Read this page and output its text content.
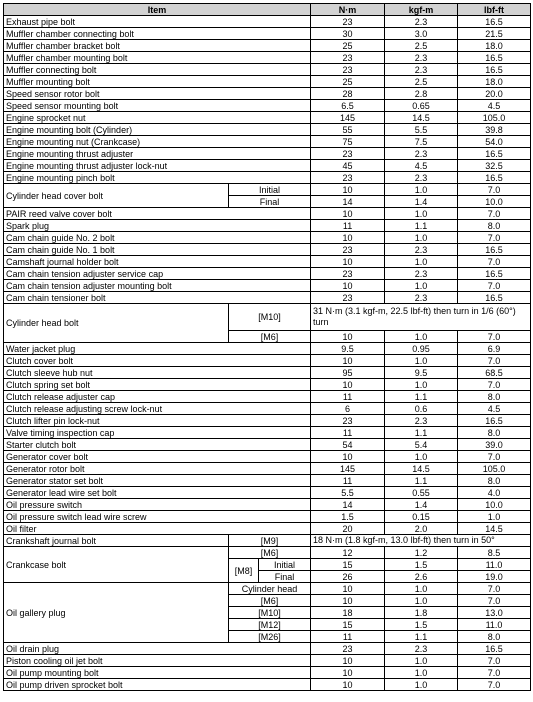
Item			N·m	kgf-m	lbf-ft
Exhaust pipe bolt			23	2.3	16.5
Muffler chamber connecting bolt			30	3.0	21.5
Muffler chamber bracket bolt			25	2.5	18.0
Muffler chamber mounting bolt			23	2.3	16.5
Muffler connecting bolt			23	2.3	16.5
Muffler mounting bolt			25	2.5	18.0
Speed sensor rotor bolt			28	2.8	20.0
Speed sensor mounting bolt			6.5	0.65	4.5
Engine sprocket nut			145	14.5	105.0
Engine mounting bolt (Cylinder)			55	5.5	39.8
Engine mounting nut (Crankcase)			75	7.5	54.0
Engine mounting thrust adjuster			23	2.3	16.5
Engine mounting thrust adjuster lock-nut			45	4.5	32.5
Engine mounting pinch bolt			23	2.3	16.5
Cylinder head cover bolt	Initial		10	1.0	7.0
	Final		14	1.4	10.0
PAIR reed valve cover bolt			10	1.0	7.0
Spark plug			11	1.1	8.0
Cam chain guide No. 2 bolt			10	1.0	7.0
Cam chain guide No. 1 bolt			23	2.3	16.5
Camshaft journal holder bolt			10	1.0	7.0
Cam chain tension adjuster service cap			23	2.3	16.5
Cam chain tension adjuster mounting bolt			10	1.0	7.0
Cam chain tensioner bolt			23	2.3	16.5
Cylinder head bolt	[M10]		31 N·m (3.1 kgf-m, 22.5 lbf-ft) then turn in 1/6 (60°) turn		
	[M6]		10	1.0	7.0
Water jacket plug			9.5	0.95	6.9
Clutch cover bolt			10	1.0	7.0
Clutch sleeve hub nut			95	9.5	68.5
Clutch spring set bolt			10	1.0	7.0
Clutch release adjuster cap			11	1.1	8.0
Clutch release adjusting screw lock-nut			6	0.6	4.5
Clutch lifter pin lock-nut			23	2.3	16.5
Valve timing inspection cap			11	1.1	8.0
Starter clutch bolt			54	5.4	39.0
Generator cover bolt			10	1.0	7.0
Generator rotor bolt			145	14.5	105.0
Generator stator set bolt			11	1.1	8.0
Generator lead wire set bolt			5.5	0.55	4.0
Oil pressure switch			14	1.4	10.0
Oil pressure switch lead wire screw			1.5	0.15	1.0
Oil filter			20	2.0	14.5
Crankshaft journal bolt	[M9]		18 N·m (1.8 kgf-m, 13.0 lbf-ft) then turn in 50°		
Crankcase bolt	[M6]		12	1.2	8.5
	[M8]	Initial	15	1.5	11.0
		Final	26	2.6	19.0
Oil gallery plug	Cylinder head		10	1.0	7.0
	[M6]		10	1.0	7.0
	[M10]		18	1.8	13.0
	[M12]		15	1.5	11.0
	[M26]		11	1.1	8.0
Oil drain plug			23	2.3	16.5
Piston cooling oil jet bolt			10	1.0	7.0
Oil pump mounting bolt			10	1.0	7.0
Oil pump driven sprocket bolt			10	1.0	7.0
